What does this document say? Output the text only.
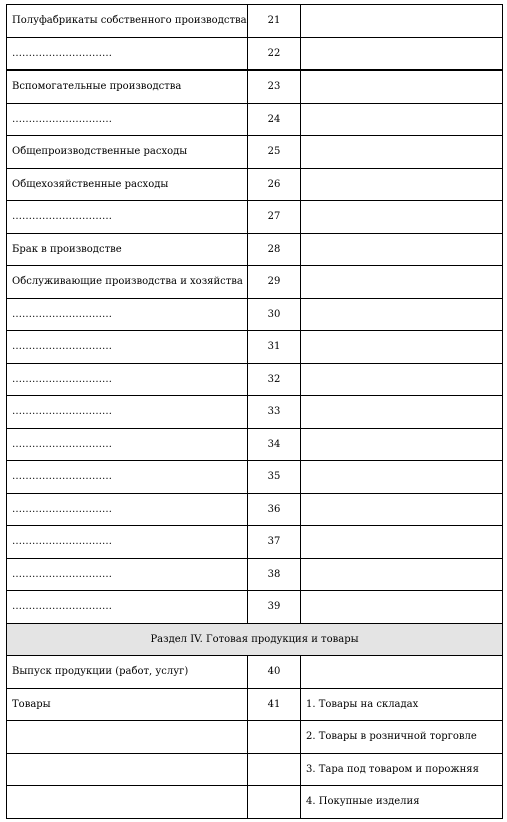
Полуфабрикаты собственного производства	21	
…………………………	22	
Вспомогательные производства	23	
…………………………	24	
Общепроизводственные расходы	25	
Общехозяйственные расходы	26	
…………………………	27	
Брак в производстве	28	
Обслуживающие производства и хозяйства	29	
…………………………	30	
…………………………	31	
…………………………	32	
…………………………	33	
…………………………	34	
…………………………	35	
…………………………	36	
…………………………	37	
…………………………	38	
…………………………	39	
Раздел IV. Готовая продукция и товары		
Выпуск продукции (работ, услуг)	40	
Товары	41	1. Товары на складах
		2. Товары в розничной торговле
		3. Тара под товаром и порожняя
		4. Покупные изделия
